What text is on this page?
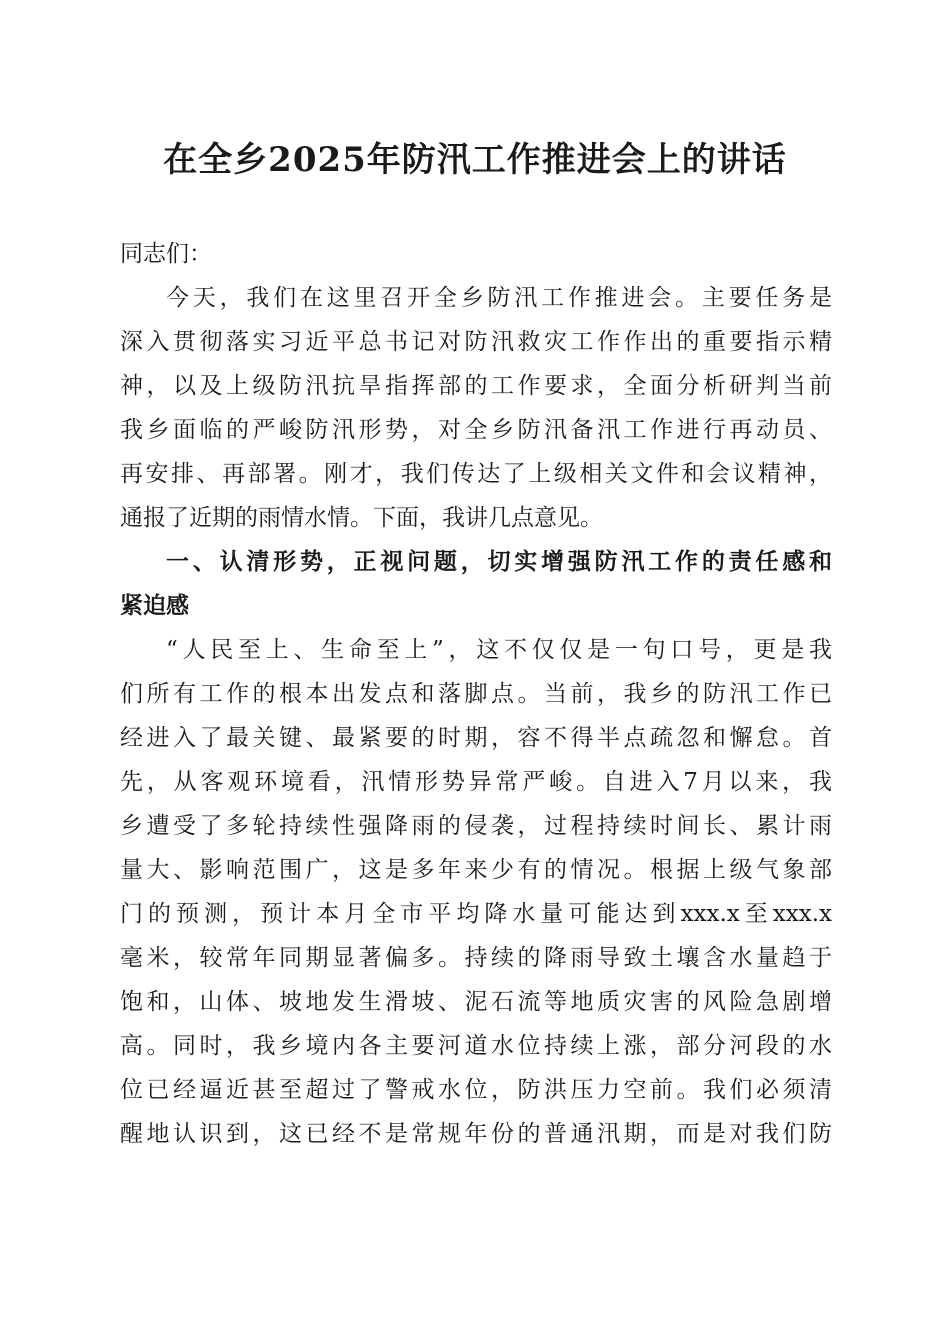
在全乡2025年防汛工作推进会上的讲话
同志们：
今天，我们在这里召开全乡防汛工作推进会。主要任务是
深入贯彻落实习近平总书记对防汛救灾工作作出的重要指示精
神，以及上级防汛抗旱指挥部的工作要求，全面分析研判当前
我乡面临的严峻防汛形势，对全乡防汛备汛工作进行再动员、
再安排、再部署。刚才，我们传达了上级相关文件和会议精神，
通报了近期的雨情水情。下面，我讲几点意见。
一、认清形势，正视问题，切实增强防汛工作的责任感和
紧迫感
“人民至上、生命至上”，这不仅仅是一句口号，更是我
们所有工作的根本出发点和落脚点。当前，我乡的防汛工作已
经进入了最关键、最紧要的时期，容不得半点疏忽和懈怠。首
先，从客观环境看，汛情形势异常严峻。自进入7月以来，我
乡遭受了多轮持续性强降雨的侵袭，过程持续时间长、累计雨
量大、影响范围广，这是多年来少有的情况。根据上级气象部
门的预测，预计本月全市平均降水量可能达到xxx.x至xxx.x
毫米，较常年同期显著偏多。持续的降雨导致土壤含水量趋于
饱和，山体、坡地发生滑坡、泥石流等地质灾害的风险急剧增
高。同时，我乡境内各主要河道水位持续上涨，部分河段的水
位已经逼近甚至超过了警戒水位，防洪压力空前。我们必须清
醒地认识到，这已经不是常规年份的普通汛期，而是对我们防
